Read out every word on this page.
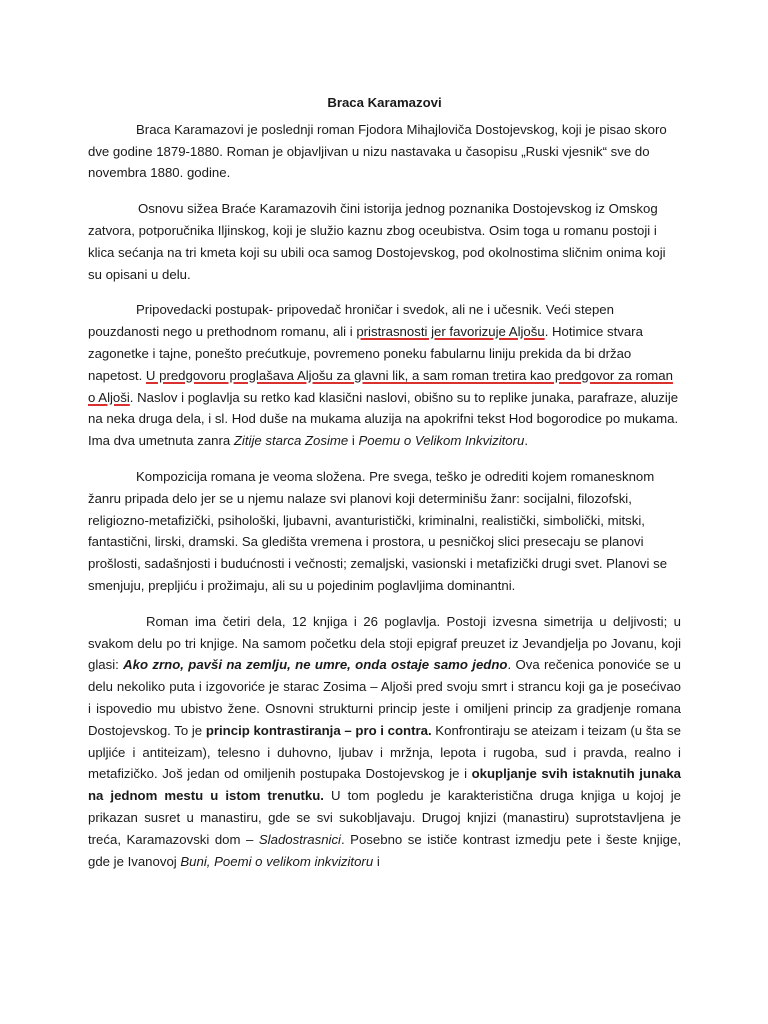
Braca Karamazovi

Braca Karamazovi je poslednji roman Fjodora Mihajloviča Dostojevskog, koji je pisao skoro dve godine 1879-1880. Roman je objavljivan u nizu nastavaka u časopisu „Ruski vjesnik“ sve do novembra 1880. godine.

Osnovu sižea Braće Karamazovih čini istorija jednog poznanika Dostojevskog iz Omskog zatvora, potporučnika Iljinskog, koji je služio kaznu zbog oceubistva. Osim toga u romanu postoji i klica sećanja na tri kmeta koji su ubili oca samog Dostojevskog, pod okolnostima sličnim onima koji su opisani u delu.

Pripovedacki postupak- pripovedač hroničar i svedok, ali ne i učesnik. Veći stepen pouzdanosti nego u prethodnom romanu, ali i pristrasnosti jer favorizuje Aljošu. Hotimice stvara zagonetke i tajne, ponešto prećutkuje, povremeno poneku fabularnu liniju prekida da bi držao napetost. U predgovoru proglašava Aljošu za glavni lik, a sam roman tretira kao predgovor za roman o Aljoši. Naslov i poglavlja su retko kad klasični naslovi, obišno su to replike junaka, parafraze, aluzije na neka druga dela, i sl. Hod duše na mukama aluzija na apokrifni tekst Hod bogorodice po mukama. Ima dva umetnuta zanra Zitije starca Zosime i Poemu o Velikom Inkvizitoru.

Kompozicija romana je veoma složena. Pre svega, teško je odrediti kojem romanesknom žanru pripada delo jer se u njemu nalaze svi planovi koji determinišu žanr: socijalni, filozofski, religiozno-metafizički, psihološki, ljubavni, avanturistički, kriminalni, realistički, simbolički, mitski, fantastični, lirski, dramski. Sa gledišta vremena i prostora, u pesničkoj slici presecaju se planovi prošlosti, sadašnjosti i budućnosti i večnosti; zemaljski, vasionski i metafizički drugi svet. Planovi se smenjuju, prepljiću i prožimaju, ali su u pojedinim poglavljima dominantni.

Roman ima četiri dela, 12 knjiga i 26 poglavlja. Postoji izvesna simetrija u deljivosti; u svakom delu po tri knjige. Na samom početku dela stoji epigraf preuzet iz Jevandjelja po Jovanu, koji glasi: Ako zrno, pavši na zemlju, ne umre, onda ostaje samo jedno. Ova rečenica ponoviće se u delu nekoliko puta i izgovoriće je starac Zosima – Aljoši pred svoju smrt i strancu koji ga je posećivao i ispovedio mu ubistvo žene. Osnovni strukturni princip jeste i omiljeni princip za gradjenje romana Dostojevskog. To je princip kontrastiranja – pro i contra. Konfrontiraju se ateizam i teizam (u šta se upljiće i antiteizam), telesno i duhovno, ljubav i mržnja, lepota i rugoba, sud i pravda, realno i metafizičko. Još jedan od omiljenih postupaka Dostojevskog je i okupljanje svih istaknutih junaka na jednom mestu u istom trenutku. U tom pogledu je karakteristična druga knjiga u kojoj je prikazan susret u manastiru, gde se svi sukobljavaju. Drugoj knjizi (manastiru) suprotstavljena je treća, Karamazovski dom – Sladostrasnici. Posebno se ističe kontrast izmedju pete i šeste knjige, gde je Ivanovoj Buni, Poemi o velikom inkvizitoru i
